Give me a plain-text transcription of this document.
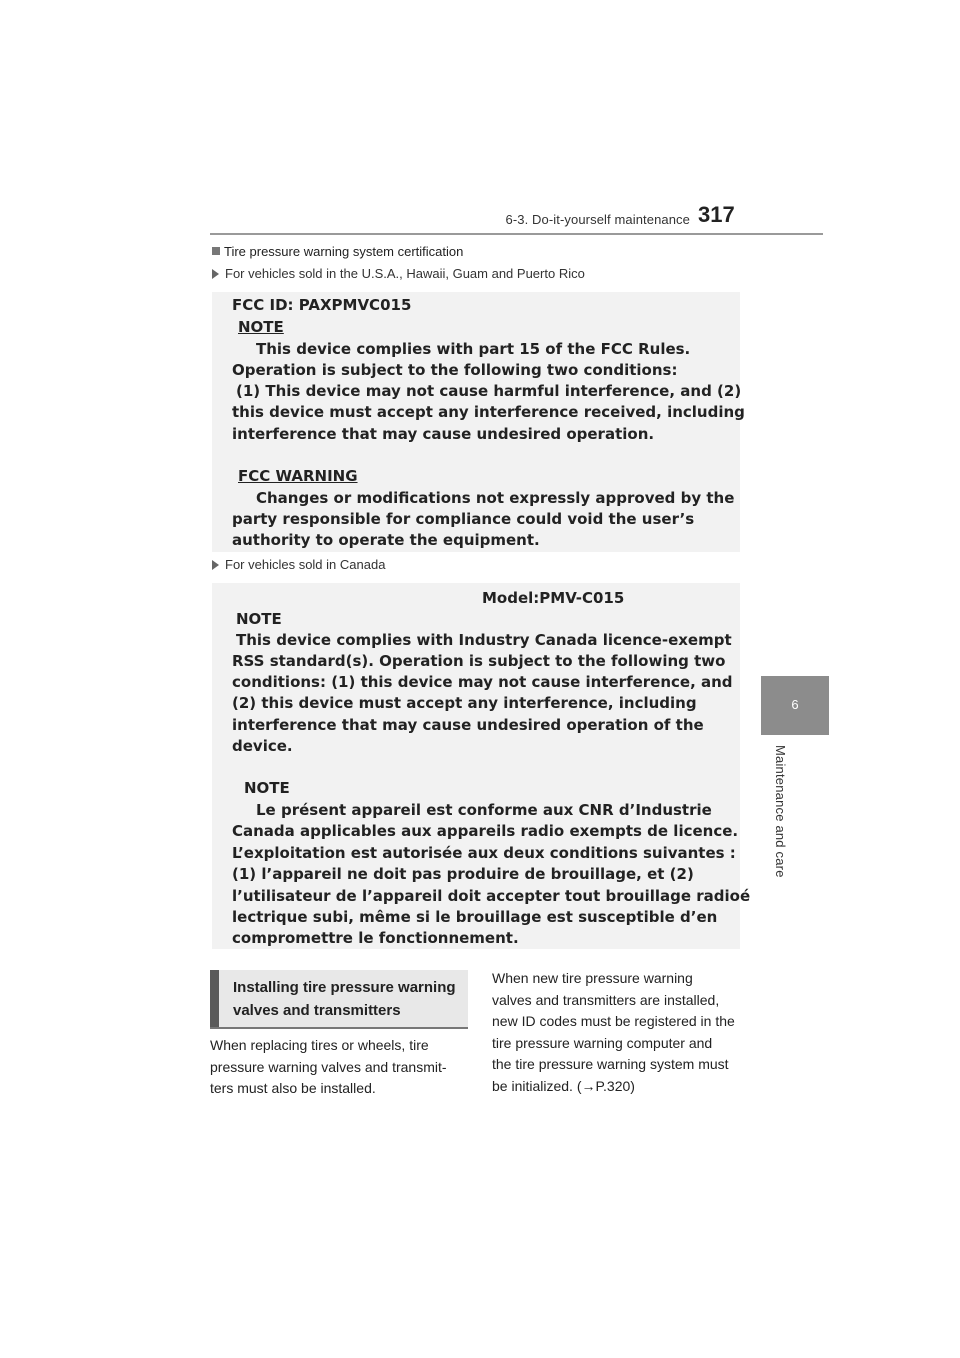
6-3. Do-it-yourself maintenance 317
6
Maintenance and care
Tire pressure warning system certification
For vehicles sold in the U.S.A., Hawaii, Guam and Puerto Rico
FCC ID: PAXPMVC015
NOTE
This device complies with part 15 of the FCC Rules.
Operation is subject to the following two conditions:
(1) This device may not cause harmful interference, and (2)
this device must accept any interference received, including
interference that may cause undesired operation.
FCC WARNING
Changes or modifications not expressly approved by the
party responsible for compliance could void the user’s
authority to operate the equipment.
For vehicles sold in Canada
Model:PMV-C015
NOTE
This device complies with Industry Canada licence-exempt
RSS standard(s). Operation is subject to the following two
conditions: (1) this device may not cause interference, and
(2) this device must accept any interference, including
interference that may cause undesired operation of the
device.
NOTE
Le présent appareil est conforme aux CNR d’Industrie
Canada applicables aux appareils radio exempts de licence.
L’exploitation est autorisée aux deux conditions suivantes :
(1) l’appareil ne doit pas produire de brouillage, et (2)
l’utilisateur de l’appareil doit accepter tout brouillage radioé
lectrique subi, même si le brouillage est susceptible d’en
compromettre le fonctionnement.
Installing tire pressure warning
valves and transmitters
When replacing tires or wheels, tire
pressure warning valves and transmit-
ters must also be installed.
When new tire pressure warning
valves and transmitters are installed,
new ID codes must be registered in the
tire pressure warning computer and
the tire pressure warning system must
be initialized. (→P.320)
